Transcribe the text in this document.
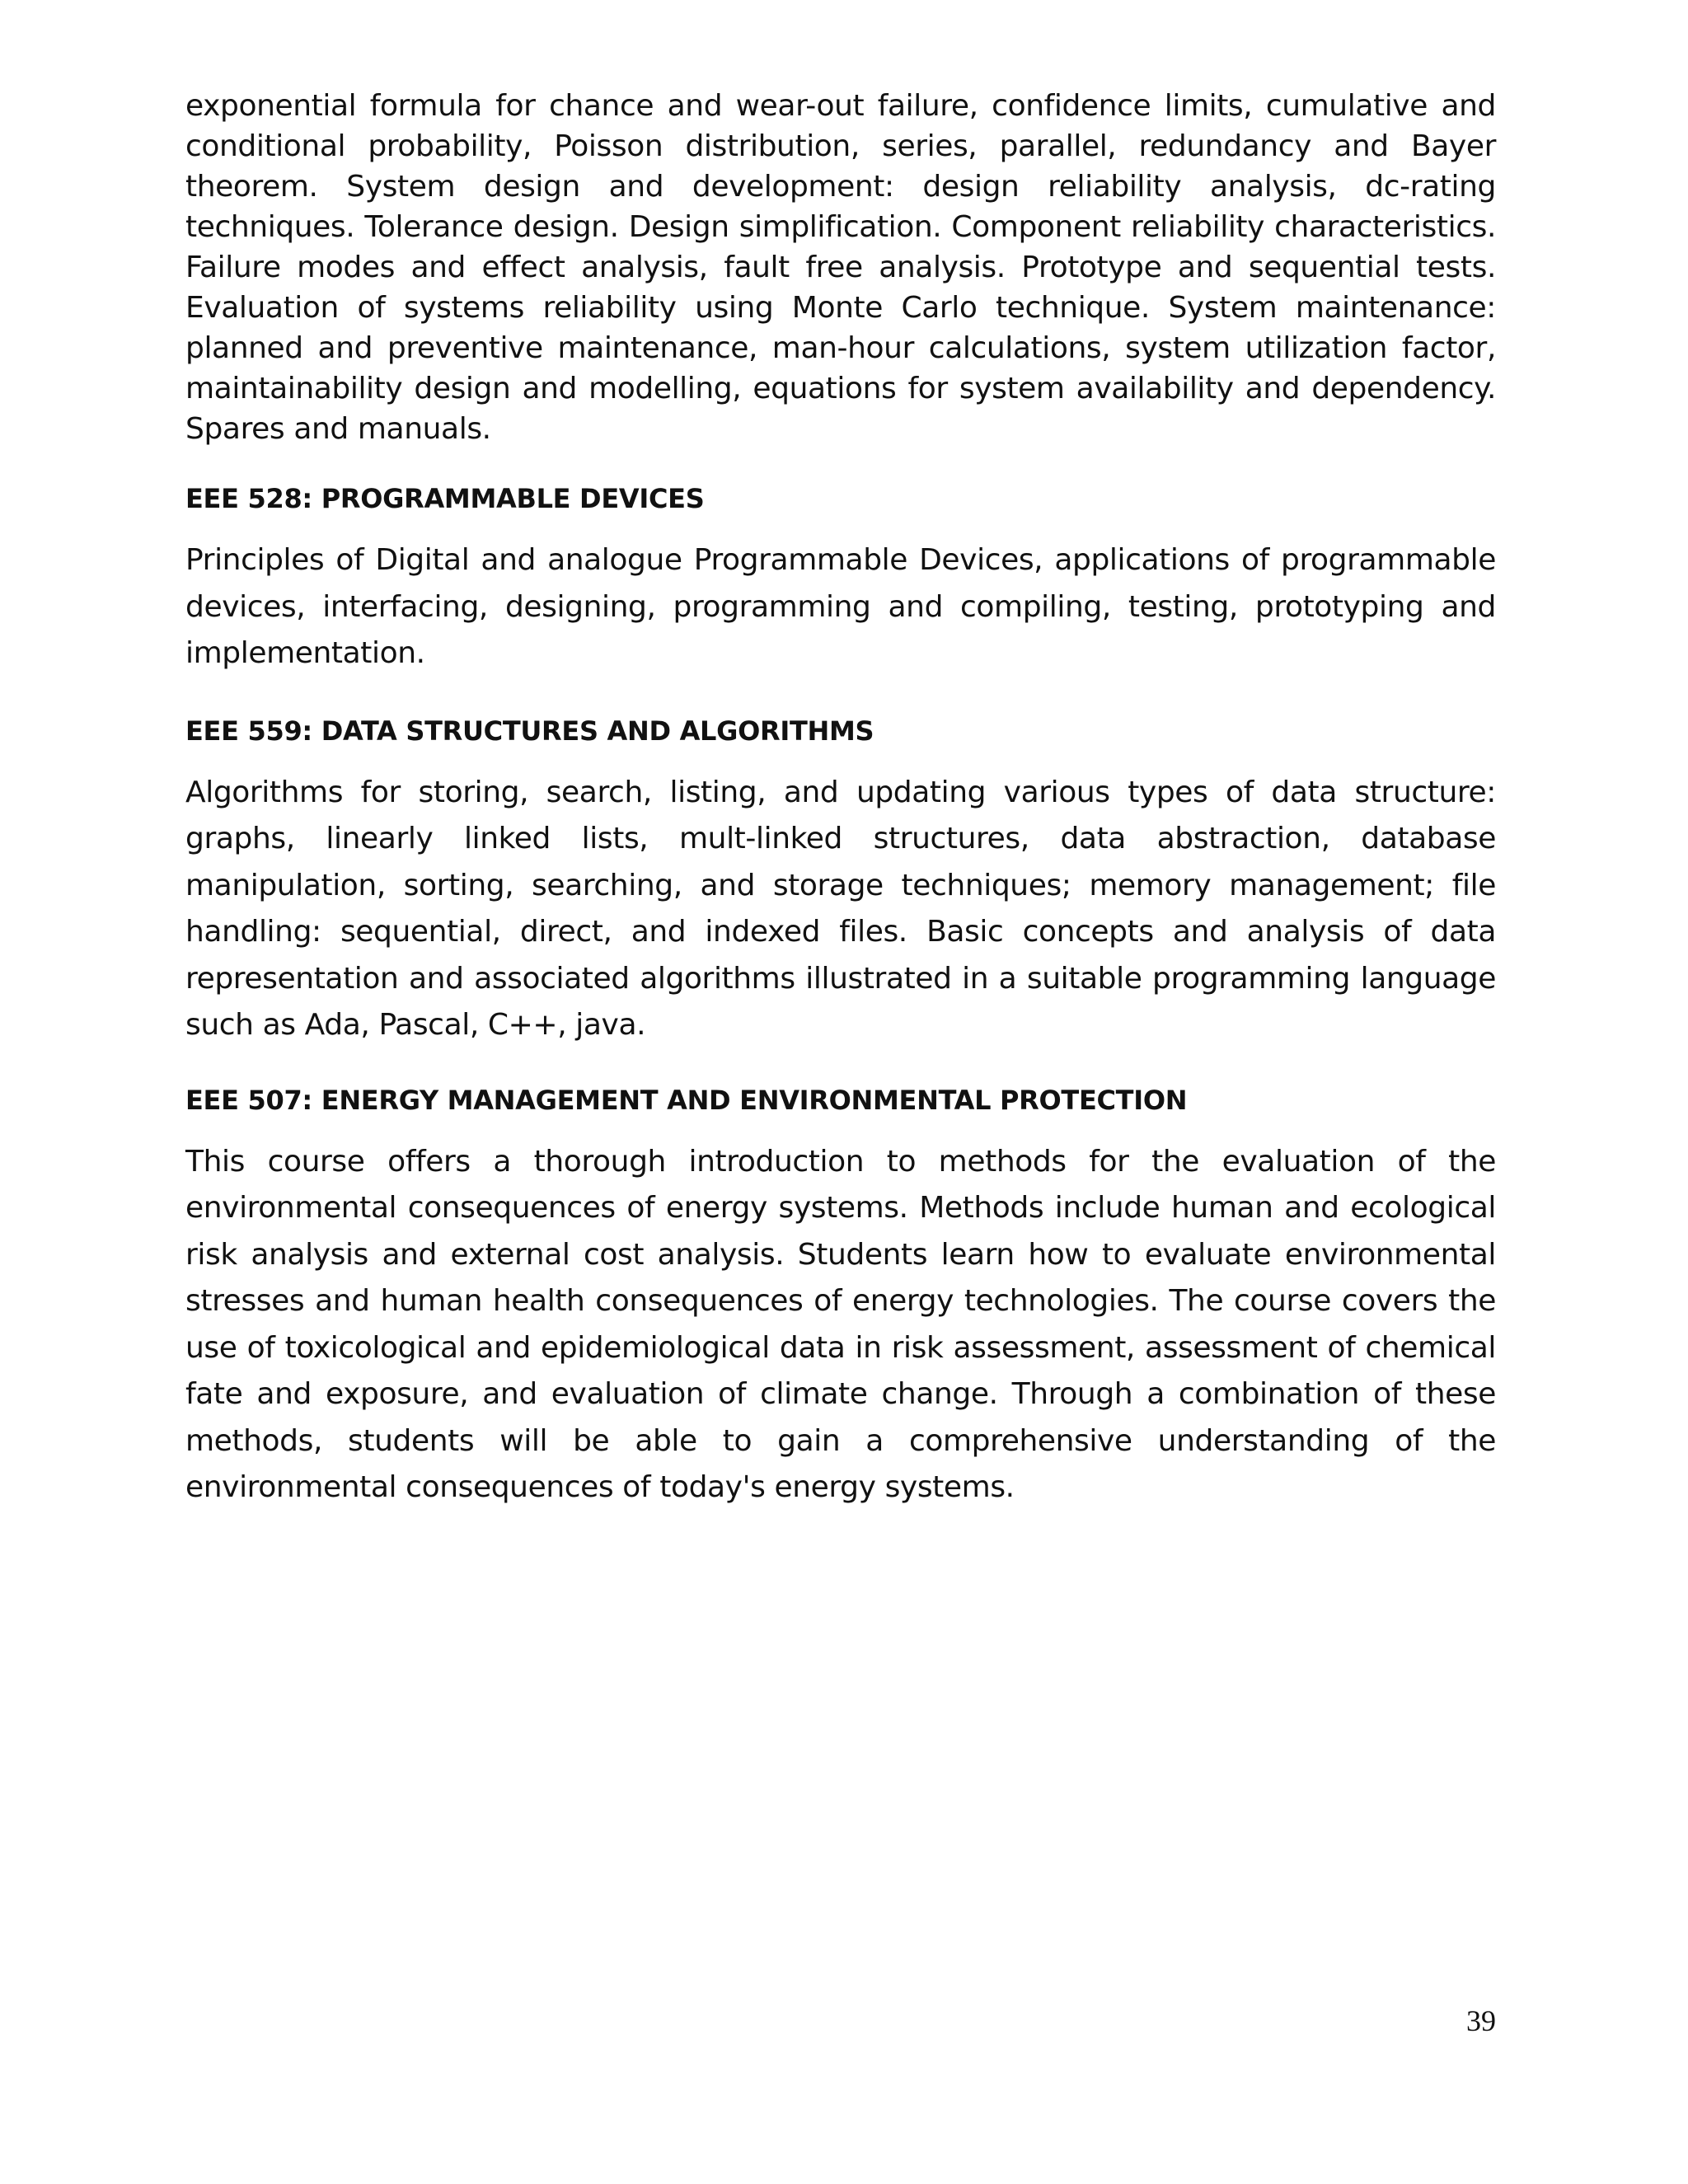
exponential formula for chance and wear-out failure, confidence limits, cumulative and conditional probability, Poisson distribution, series, parallel, redundancy and Bayer theorem. System design and development: design reliability analysis, dc-rating techniques. Tolerance design. Design simplification. Component reliability characteristics. Failure modes and effect analysis, fault free analysis. Prototype and sequential tests. Evaluation of systems reliability using Monte Carlo technique. System maintenance: planned and preventive maintenance, man-hour calculations, system utilization factor, maintainability design and modelling, equations for system availability and dependency. Spares and manuals.

EEE 528: PROGRAMMABLE DEVICES

Principles of Digital and analogue Programmable Devices, applications of programmable devices, interfacing, designing, programming and compiling, testing, prototyping and implementation.

EEE 559: DATA STRUCTURES AND ALGORITHMS

Algorithms for storing, search, listing, and updating various types of data structure: graphs, linearly linked lists, mult-linked structures, data abstraction, database manipulation, sorting, searching, and storage techniques; memory management; file handling: sequential, direct, and indexed files. Basic concepts and analysis of data representation and associated algorithms illustrated in a suitable programming language such as Ada, Pascal, C++, java.

EEE 507: ENERGY MANAGEMENT AND ENVIRONMENTAL PROTECTION

This course offers a thorough introduction to methods for the evaluation of the environmental consequences of energy systems. Methods include human and ecological risk analysis and external cost analysis. Students learn how to evaluate environmental stresses and human health consequences of energy technologies. The course covers the use of toxicological and epidemiological data in risk assessment, assessment of chemical fate and exposure, and evaluation of climate change. Through a combination of these methods, students will be able to gain a comprehensive understanding of the environmental consequences of today's energy systems.

39
